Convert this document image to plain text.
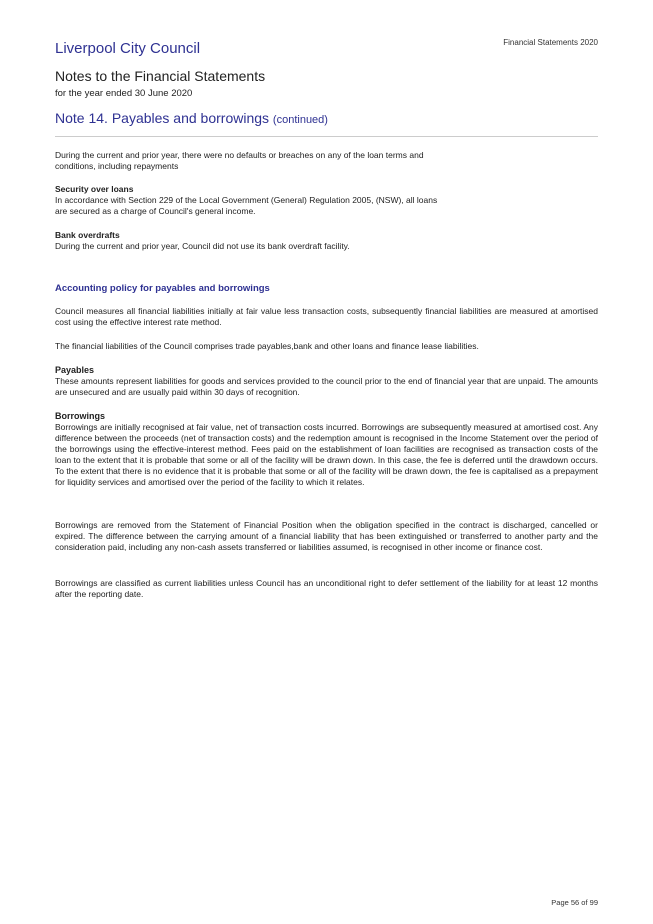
Financial Statements 2020
Liverpool City Council
Notes to the Financial Statements
for the year ended 30 June 2020
Note 14. Payables and borrowings (continued)
During the current and prior year, there were no defaults or breaches on any of the loan terms and conditions, including repayments
Security over loans
In accordance with Section 229 of the Local Government (General) Regulation 2005, (NSW), all loans are secured as a charge of Council's general income.
Bank overdrafts
During the current and prior year, Council did not use its bank overdraft facility.
Accounting policy for payables and borrowings
Council measures all financial liabilities initially at fair value less transaction costs, subsequently financial liabilities are measured at amortised cost using the effective interest rate method.
The financial liabilities of the Council comprises trade payables,bank and other loans and finance lease liabilities.
Payables
These amounts represent liabilities for goods and services provided to the council prior to the end of financial year that are unpaid. The amounts are unsecured and are usually paid within 30 days of recognition.
Borrowings
Borrowings are initially recognised at fair value, net of transaction costs incurred. Borrowings are subsequently measured at amortised cost. Any difference between the proceeds (net of transaction costs) and the redemption amount is recognised in the Income Statement over the period of the borrowings using the effective-interest method. Fees paid on the establishment of loan facilities are recognised as transaction costs of the loan to the extent that it is probable that some or all of the facility will be drawn down. In this case, the fee is deferred until the drawdown occurs. To the extent that there is no evidence that it is probable that some or all of the facility will be drawn down, the fee is capitalised as a prepayment for liquidity services and amortised over the period of the facility to which it relates.
Borrowings are removed from the Statement of Financial Position when the obligation specified in the contract is discharged, cancelled or expired. The difference between the carrying amount of a financial liability that has been extinguished or transferred to another party and the consideration paid, including any non-cash assets transferred or liabilities assumed, is recognised in other income or finance cost.
Borrowings are classified as current liabilities unless Council has an unconditional right to defer settlement of the liability for at least 12 months after the reporting date.
Page 56 of 99
